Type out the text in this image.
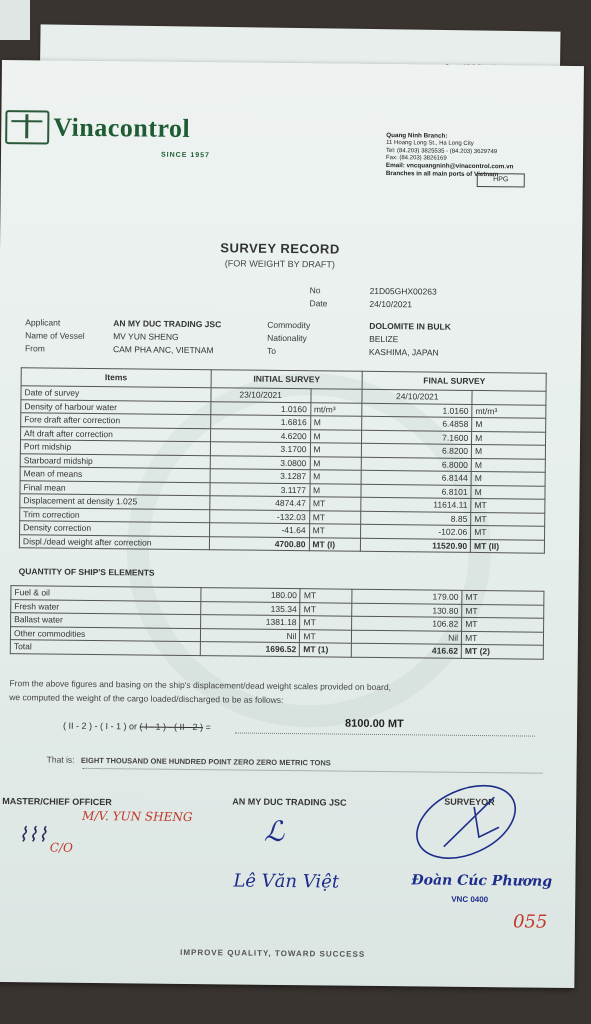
Vinacontrol
SINCE 1957
Quang Ninh Branch:
11 Hoang Long St., Ha Long City
Tel: (84.203) 3825535 - (84.203) 3629749
Fax: (84.203) 3826169
Email: vncquangninh@vinacontrol.com.vn
Branches in all main ports of Vietnam
HPG
SURVEY RECORD
(FOR WEIGHT BY DRAFT)
No	21D05GHX00263
Date	24/10/2021
Applicant	AN MY DUC TRADING JSC
Name of Vessel	MV YUN SHENG
From	CAM PHA ANC, VIETNAM
Commodity	DOLOMITE IN BULK
Nationality	BELIZE
To	KASHIMA, JAPAN
Items	INITIAL SURVEY		FINAL SURVEY	
Date of survey	23/10/2021		24/10/2021	
Density of harbour water	1.0160	mt/m³	1.0160	mt/m³
Fore draft after correction	1.6816	M	6.4858	M
Aft draft after correction	4.6200	M	7.1600	M
Port midship	3.1700	M	6.8200	M
Starboard midship	3.0800	M	6.8000	M
Mean of means	3.1287	M	6.8144	M
Final mean	3.1177	M	6.8101	M
Displacement at density 1.025	4874.47	MT	11614.11	MT
Trim correction	-132.03	MT	8.85	MT
Density correction	-41.64	MT	-102.06	MT
Displ./dead weight after correction	4700.80	MT (I)	11520.90	MT (II)
QUANTITY OF SHIP'S ELEMENTS
Fuel & oil	180.00	MT	179.00	MT
Fresh water	135.34	MT	130.80	MT
Ballast water	1381.18	MT	106.82	MT
Other commodities	Nil	MT	Nil	MT
Total	1696.52	MT (1)	416.62	MT (2)
From the above figures and basing on the ship's displacement/dead weight scales provided on board,
we computed the weight of the cargo loaded/discharged to be as follows:
( II - 2 ) - ( I - 1 ) or ( I - 1 ) - ( II - 2 ) =	8100.00 MT
That is: EIGHT THOUSAND ONE HUNDRED POINT ZERO ZERO METRIC TONS
MASTER/CHIEF OFFICER
M/V. YUN SHENG
⌇⌇⌇
C/O
AN MY DUC TRADING JSC
ℒ
Lê Văn Việt
SURVEYOR
Đoàn Cúc Phương
VNC 0400
IMPROVE QUALITY, TOWARD SUCCESS
055
